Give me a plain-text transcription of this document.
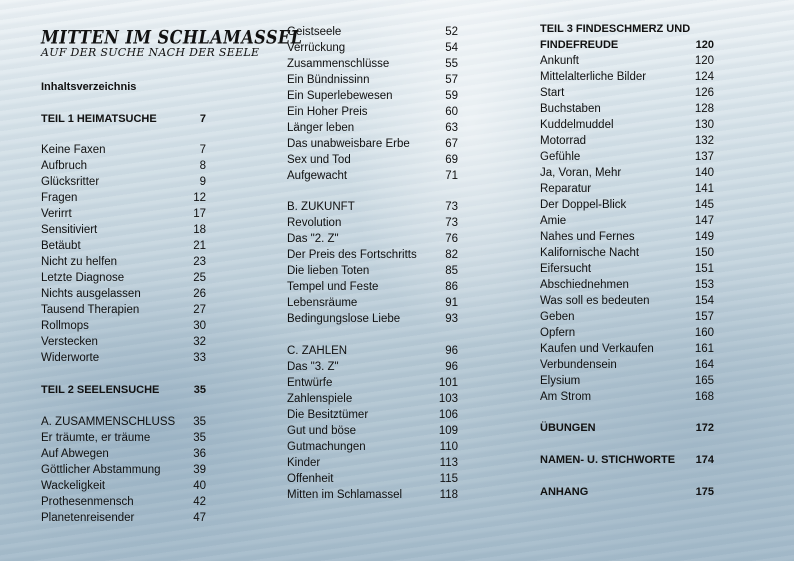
MITTEN IM SCHLAMASSEL
AUF DER SUCHE NACH DER SEELE
Inhaltsverzeichnis
TEIL 1 HEIMATSUCHE	7
Keine Faxen	7
Aufbruch	8
Glücksritter	9
Fragen	12
Verirrt	17
Sensitiviert	18
Betäubt	21
Nicht zu helfen	23
Letzte Diagnose	25
Nichts ausgelassen	26
Tausend Therapien	27
Rollmops	30
Verstecken	32
Widerworte	33
TEIL 2 SEELENSUCHE	35
A. ZUSAMMENSCHLUSS 35
Er träumte, er träume	35
Auf Abwegen	36
Göttlicher Abstammung	39
Wackeligkeit	40
Prothesenmensch	42
Planetenreisender	47
Geistseele	52
Verrückung	54
Zusammenschlüsse	55
Ein Bündnissinn	57
Ein Superlebewesen	59
Ein Hoher Preis	60
Länger leben	63
Das unabweisbare Erbe	67
Sex und Tod	69
Aufgewacht	71
B. ZUKUNFT	73
Revolution	73
Das "2. Z"	76
Der Preis des Fortschritts 82
Die lieben Toten	85
Tempel und Feste	86
Lebensräume	91
Bedingungslose Liebe	93
C. ZAHLEN	96
Das "3. Z"	96
Entwürfe	101
Zahlenspiele	103
Die Besitztümer	106
Gut und böse	109
Gutmachungen	110
Kinder	113
Offenheit	115
Mitten im Schlamassel	118
TEIL 3 FINDESCHMERZ UND
FINDEFREUDE	120
Ankunft	120
Mittelalterliche Bilder	124
Start	126
Buchstaben	128
Kuddelmuddel	130
Motorrad	132
Gefühle	137
Ja, Voran, Mehr	140
Reparatur	141
Der Doppel-Blick	145
Amie	147
Nahes und Fernes	149
Kalifornische Nacht	150
Eifersucht	151
Abschiednehmen	153
Was soll es bedeuten	154
Geben	157
Opfern	160
Kaufen und Verkaufen	161
Verbundensein	164
Elysium	165
Am Strom	168
ÜBUNGEN	172
NAMEN- U. STICHWORTE 174
ANHANG	175
